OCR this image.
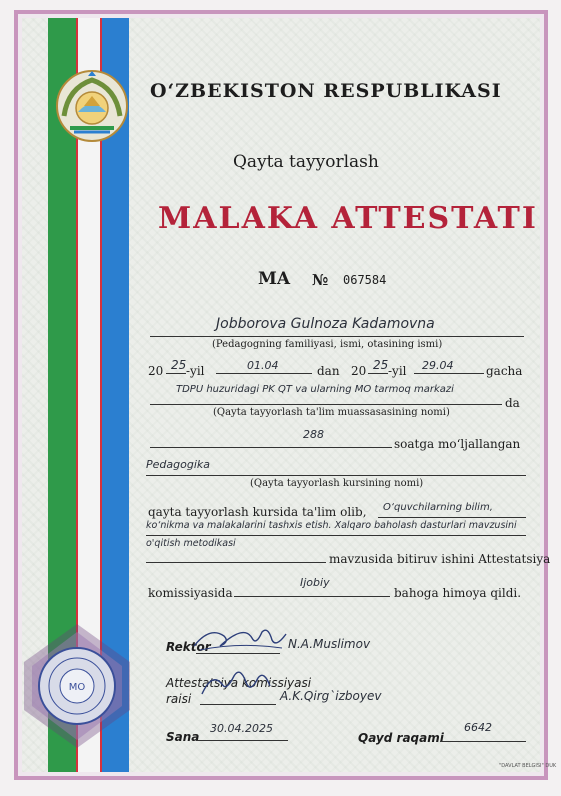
O‘ZBEKISTON RESPUBLIKASI
Qayta tayyorlash
MALAKA ATTESTATI
MA № 067584
Jobborova Gulnoza Kadamovna
(Pedagogning familiyasi, ismi, otasining ismi)
20 25 -yil	01.04	dan 20 25 -yil 29.04	gacha
TDPU huzuridagi PK QT va ularning MO tarmoq markazi
da
(Qayta tayyorlash ta'lim muassasasining nomi)
288
soatga mo‘ljallangan
Pedagogika
(Qayta tayyorlash kursining nomi)
qayta tayyorlash kursida ta'lim olib, O‘quvchilarning bilim,
ko‘nikma va malakalarini tashxis etish. Xalqaro baholash dasturlari mavzusini
o'qitish metodikasi
mavzusida bitiruv ishini Attestatsiya
komissiyasida
Ijobiy
bahoga himoya qildi.
Rektor	N.A.Muslimov
Attestatsiya komissiyasi
raisi	A.K.Qirg`izboyev
Sana
30.04.2025
Qayd raqami
6642
MO
"DAVLAT BELGISI" DUK
